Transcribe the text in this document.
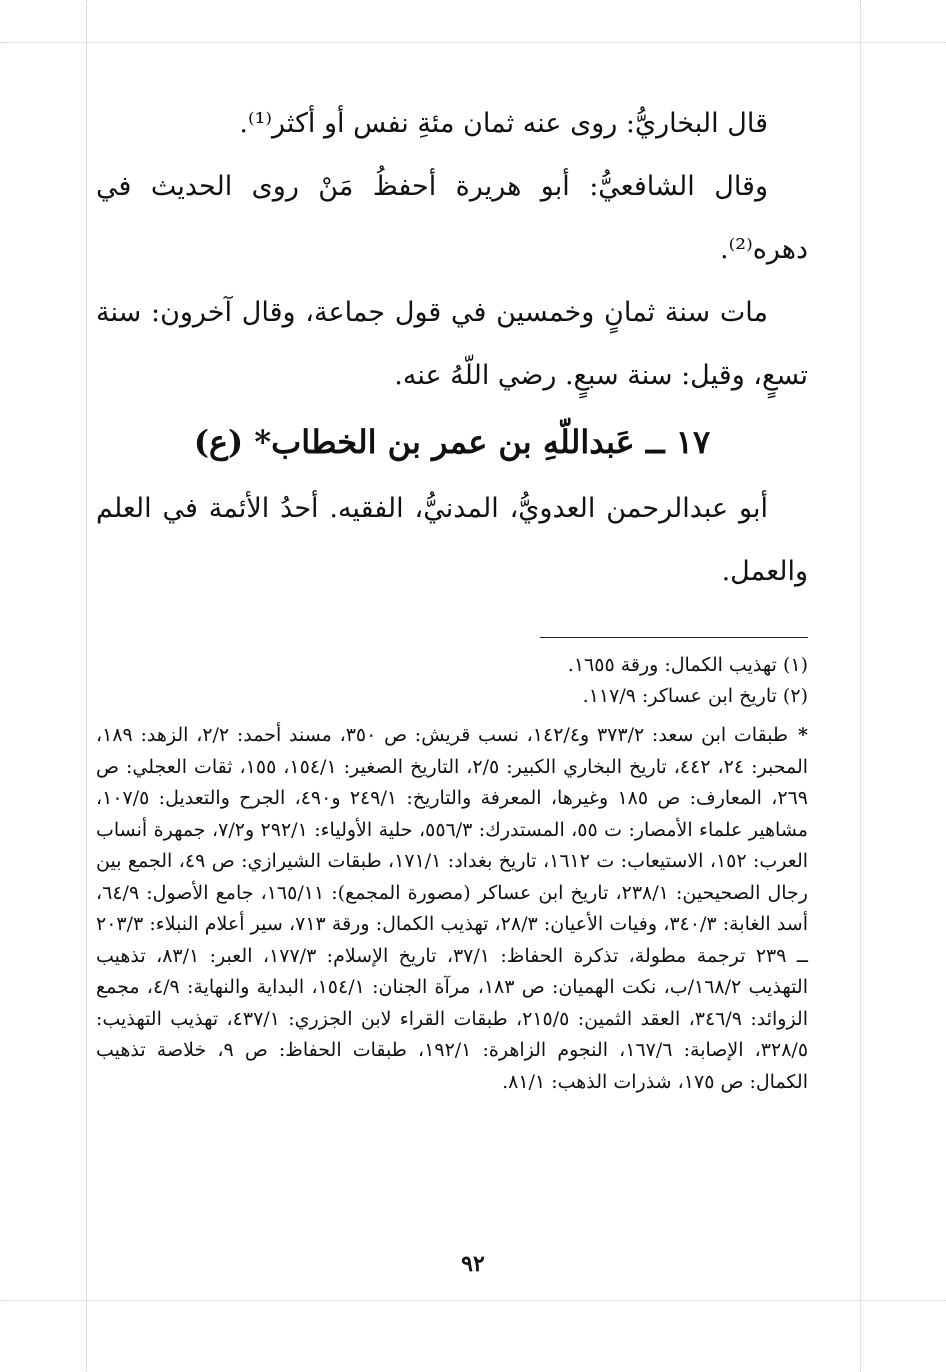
قال البخاريُّ: روى عنه ثمان مئةِ نفس أو أكثر⁽¹⁾.

وقال الشافعيُّ: أبو هريرة أحفظُ مَنْ روى الحديث في دهره⁽²⁾.

مات سنة ثمانٍ وخمسين في قول جماعة، وقال آخرون: سنة تسعٍ، وقيل: سنة سبعٍ. رضي اللّهُ عنه.

١٧ ــ عَبداللّهِ بن عمر بن الخطاب* (ع)

أبو عبدالرحمن العدويُّ، المدنيُّ، الفقيه. أحدُ الأئمة في العلم والعمل.

(١) تهذيب الكمال: ورقة ١٦٥٥.

(٢) تاريخ ابن عساكر: ١١٧/٩.

*طبقات ابن سعد: ٣٧٣/٢ و١٤٢/٤، نسب قريش: ص ٣٥٠، مسند أحمد: ٢/٢، الزهد: ١٨٩، المحبر: ٢٤، ٤٤٢، تاريخ البخاري الكبير: ٢/٥، التاريخ الصغير: ١٥٤/١، ١٥٥، ثقات العجلي: ص ٢٦٩، المعارف: ص ١٨٥ وغيرها، المعرفة والتاريخ: ٢٤٩/١ و٤٩٠، الجرح والتعديل: ١٠٧/٥، مشاهير علماء الأمصار: ت ٥٥، المستدرك: ٥٥٦/٣، حلية الأولياء: ٢٩٢/١ و٧/٢، جمهرة أنساب العرب: ١٥٢، الاستيعاب: ت ١٦١٢، تاريخ بغداد: ١٧١/١، طبقات الشيرازي: ص ٤٩، الجمع بين رجال الصحيحين: ٢٣٨/١، تاريخ ابن عساكر (مصورة المجمع): ١٦٥/١١، جامع الأصول: ٦٤/٩، أسد الغابة: ٣٤٠/٣، وفيات الأعيان: ٢٨/٣، تهذيب الكمال: ورقة ٧١٣، سير أعلام النبلاء: ٢٠٣/٣ ــ ٢٣٩ ترجمة مطولة، تذكرة الحفاظ: ٣٧/١، تاريخ الإسلام: ١٧٧/٣، العبر: ٨٣/١، تذهيب التهذيب ١٦٨/٢/ب، نكت الهميان: ص ١٨٣، مرآة الجنان: ١٥٤/١، البداية والنهاية: ٤/٩، مجمع الزوائد: ٣٤٦/٩، العقد الثمين: ٢١٥/٥، طبقات القراء لابن الجزري: ٤٣٧/١، تهذيب التهذيب: ٣٢٨/٥، الإصابة: ١٦٧/٦، النجوم الزاهرة: ١٩٢/١، طبقات الحفاظ: ص ٩، خلاصة تذهيب الكمال: ص ١٧٥، شذرات الذهب: ٨١/١.

٩٢
